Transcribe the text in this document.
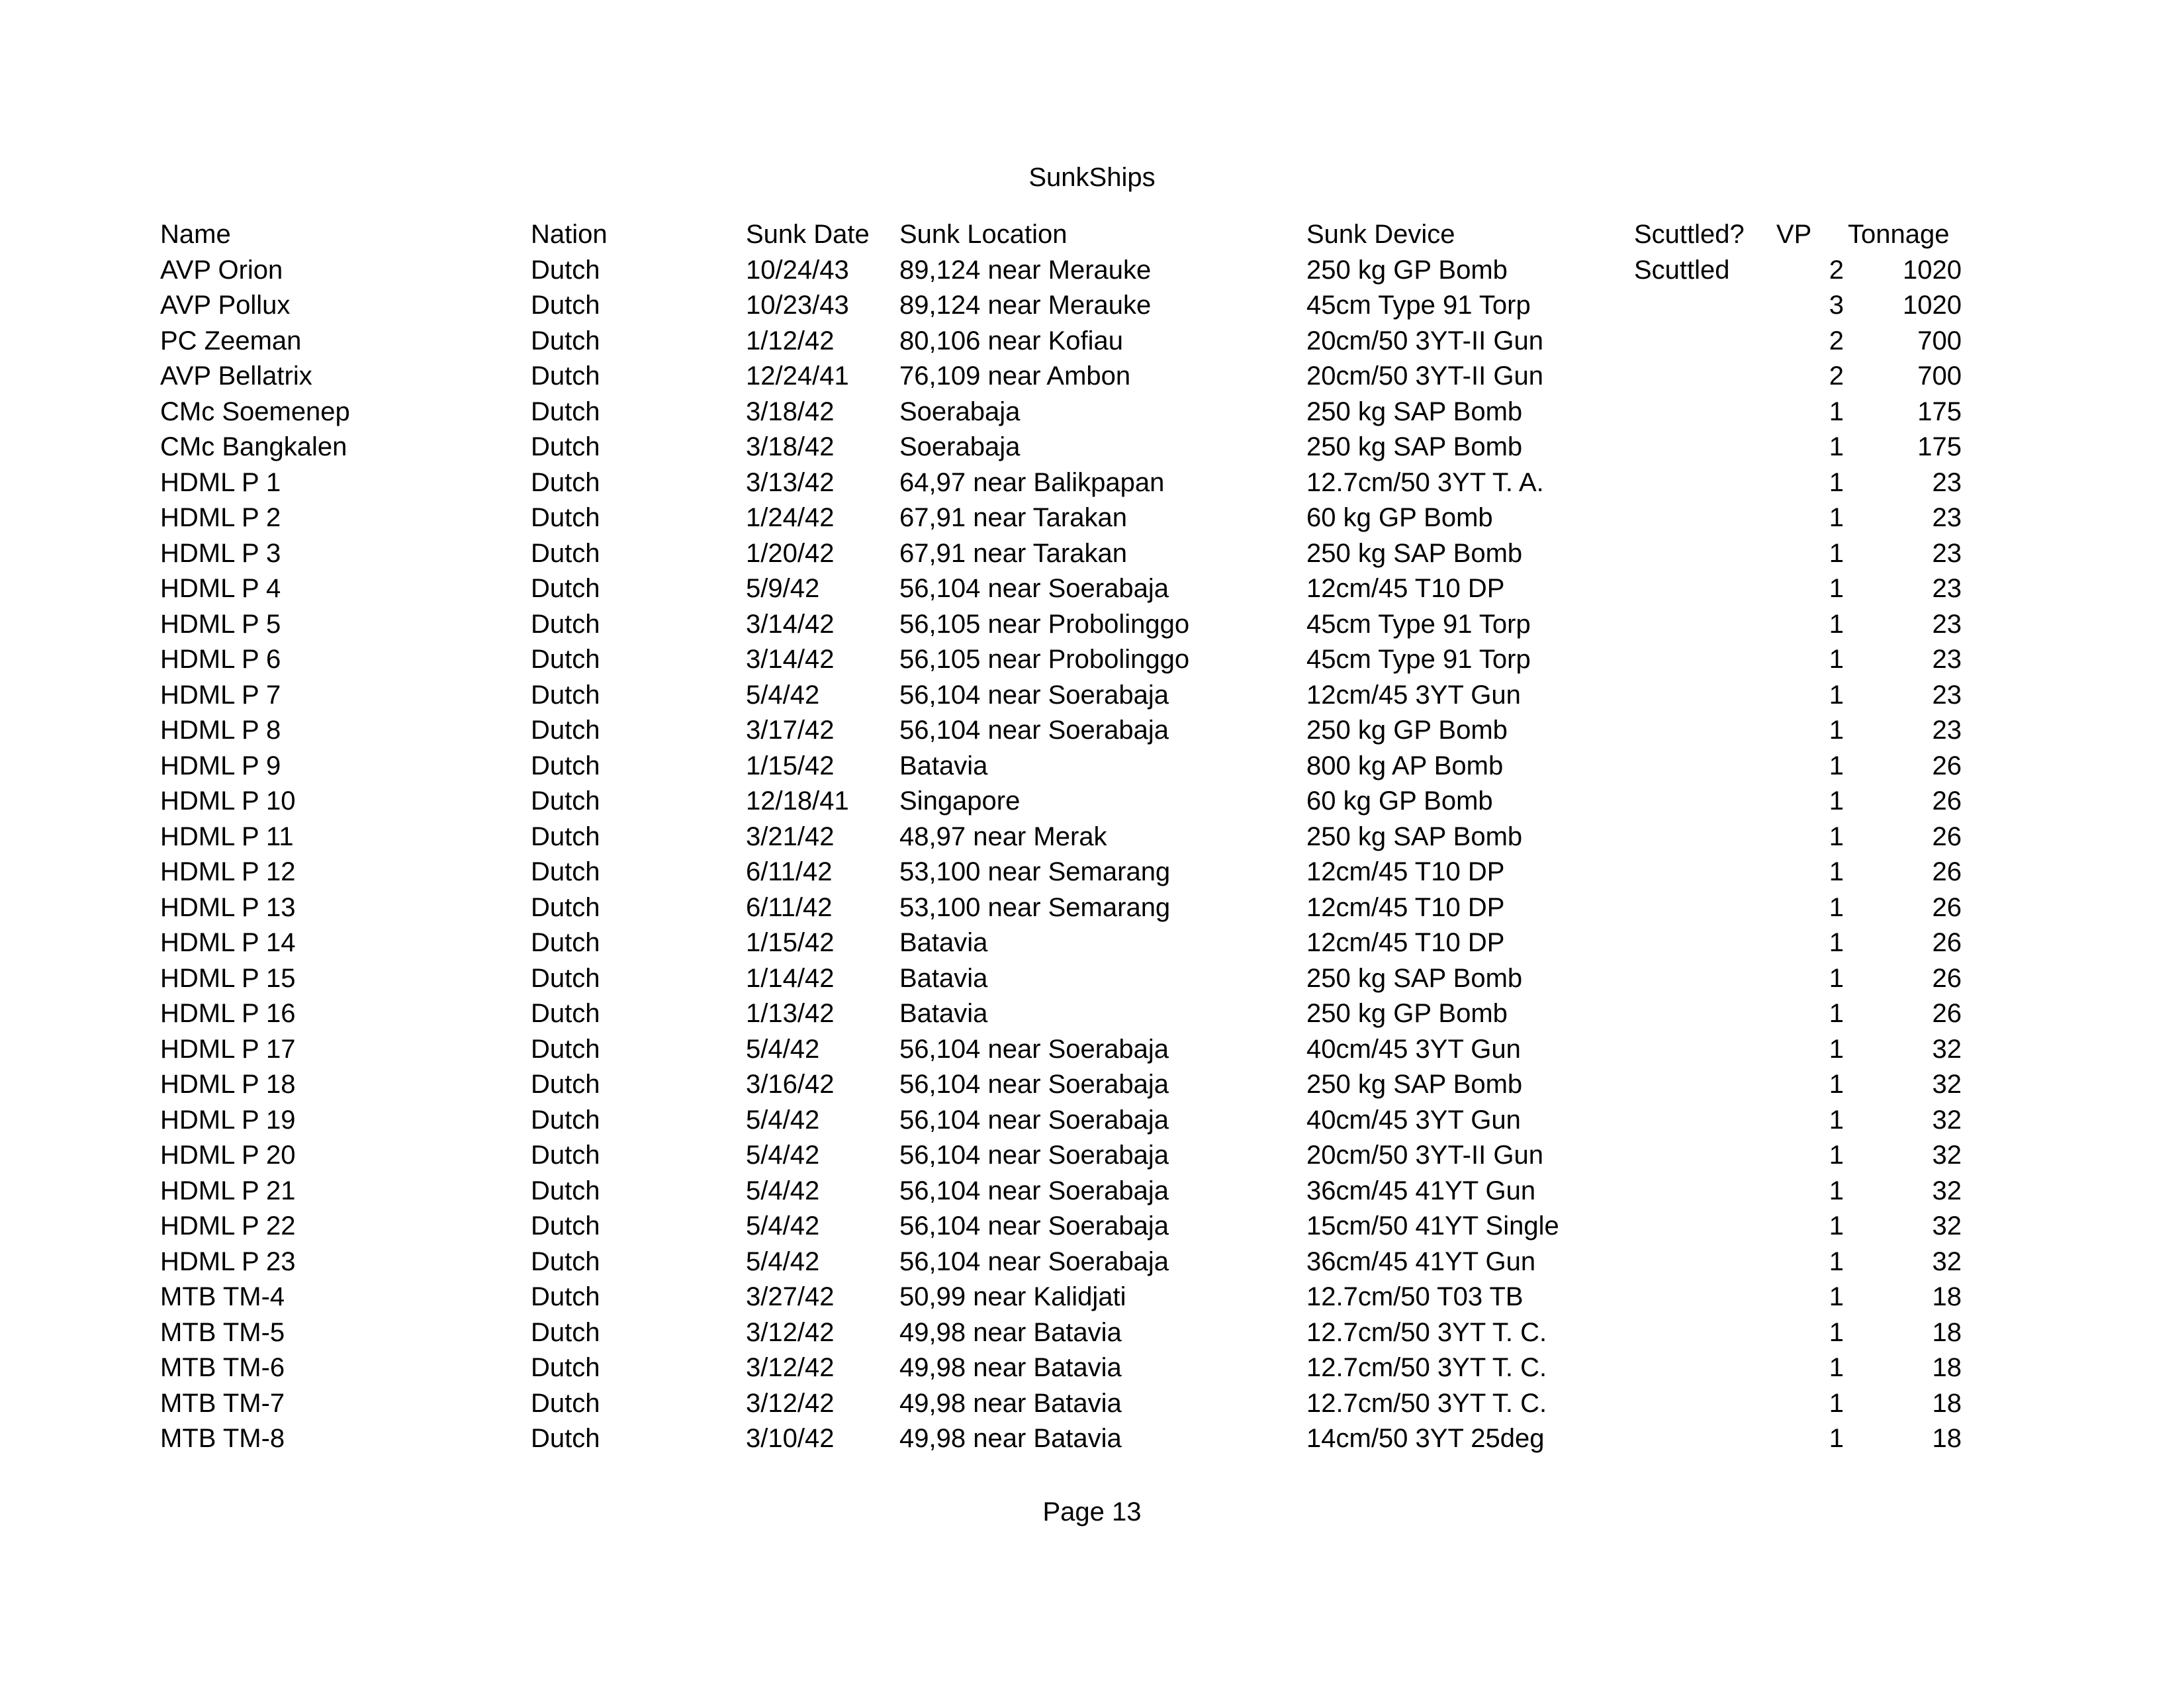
SunkShips
Name	Nation	Sunk Date	Sunk Location	Sunk Device	Scuttled?	VP	Tonnage
AVP Orion	Dutch	10/24/43	89,124 near Merauke	250 kg GP Bomb	Scuttled	2	1020
AVP Pollux	Dutch	10/23/43	89,124 near Merauke	45cm Type 91 Torp		3	1020
PC Zeeman	Dutch	1/12/42	80,106 near Kofiau	20cm/50 3YT-II Gun		2	700
AVP Bellatrix	Dutch	12/24/41	76,109 near Ambon	20cm/50 3YT-II Gun		2	700
CMc Soemenep	Dutch	3/18/42	Soerabaja	250 kg SAP Bomb		1	175
CMc Bangkalen	Dutch	3/18/42	Soerabaja	250 kg SAP Bomb		1	175
HDML P 1	Dutch	3/13/42	64,97 near Balikpapan	12.7cm/50 3YT T. A.		1	23
HDML P 2	Dutch	1/24/42	67,91 near Tarakan	60 kg GP Bomb		1	23
HDML P 3	Dutch	1/20/42	67,91 near Tarakan	250 kg SAP Bomb		1	23
HDML P 4	Dutch	5/9/42	56,104 near Soerabaja	12cm/45 T10 DP		1	23
HDML P 5	Dutch	3/14/42	56,105 near Probolinggo	45cm Type 91 Torp		1	23
HDML P 6	Dutch	3/14/42	56,105 near Probolinggo	45cm Type 91 Torp		1	23
HDML P 7	Dutch	5/4/42	56,104 near Soerabaja	12cm/45 3YT Gun		1	23
HDML P 8	Dutch	3/17/42	56,104 near Soerabaja	250 kg GP Bomb		1	23
HDML P 9	Dutch	1/15/42	Batavia	800 kg AP Bomb		1	26
HDML P 10	Dutch	12/18/41	Singapore	60 kg GP Bomb		1	26
HDML P 11	Dutch	3/21/42	48,97 near Merak	250 kg SAP Bomb		1	26
HDML P 12	Dutch	6/11/42	53,100 near Semarang	12cm/45 T10 DP		1	26
HDML P 13	Dutch	6/11/42	53,100 near Semarang	12cm/45 T10 DP		1	26
HDML P 14	Dutch	1/15/42	Batavia	12cm/45 T10 DP		1	26
HDML P 15	Dutch	1/14/42	Batavia	250 kg SAP Bomb		1	26
HDML P 16	Dutch	1/13/42	Batavia	250 kg GP Bomb		1	26
HDML P 17	Dutch	5/4/42	56,104 near Soerabaja	40cm/45 3YT Gun		1	32
HDML P 18	Dutch	3/16/42	56,104 near Soerabaja	250 kg SAP Bomb		1	32
HDML P 19	Dutch	5/4/42	56,104 near Soerabaja	40cm/45 3YT Gun		1	32
HDML P 20	Dutch	5/4/42	56,104 near Soerabaja	20cm/50 3YT-II Gun		1	32
HDML P 21	Dutch	5/4/42	56,104 near Soerabaja	36cm/45 41YT Gun		1	32
HDML P 22	Dutch	5/4/42	56,104 near Soerabaja	15cm/50 41YT Single		1	32
HDML P 23	Dutch	5/4/42	56,104 near Soerabaja	36cm/45 41YT Gun		1	32
MTB TM-4	Dutch	3/27/42	50,99 near Kalidjati	12.7cm/50 T03 TB		1	18
MTB TM-5	Dutch	3/12/42	49,98 near Batavia	12.7cm/50 3YT T. C.		1	18
MTB TM-6	Dutch	3/12/42	49,98 near Batavia	12.7cm/50 3YT T. C.		1	18
MTB TM-7	Dutch	3/12/42	49,98 near Batavia	12.7cm/50 3YT T. C.		1	18
MTB TM-8	Dutch	3/10/42	49,98 near Batavia	14cm/50 3YT 25deg		1	18
Page 13
